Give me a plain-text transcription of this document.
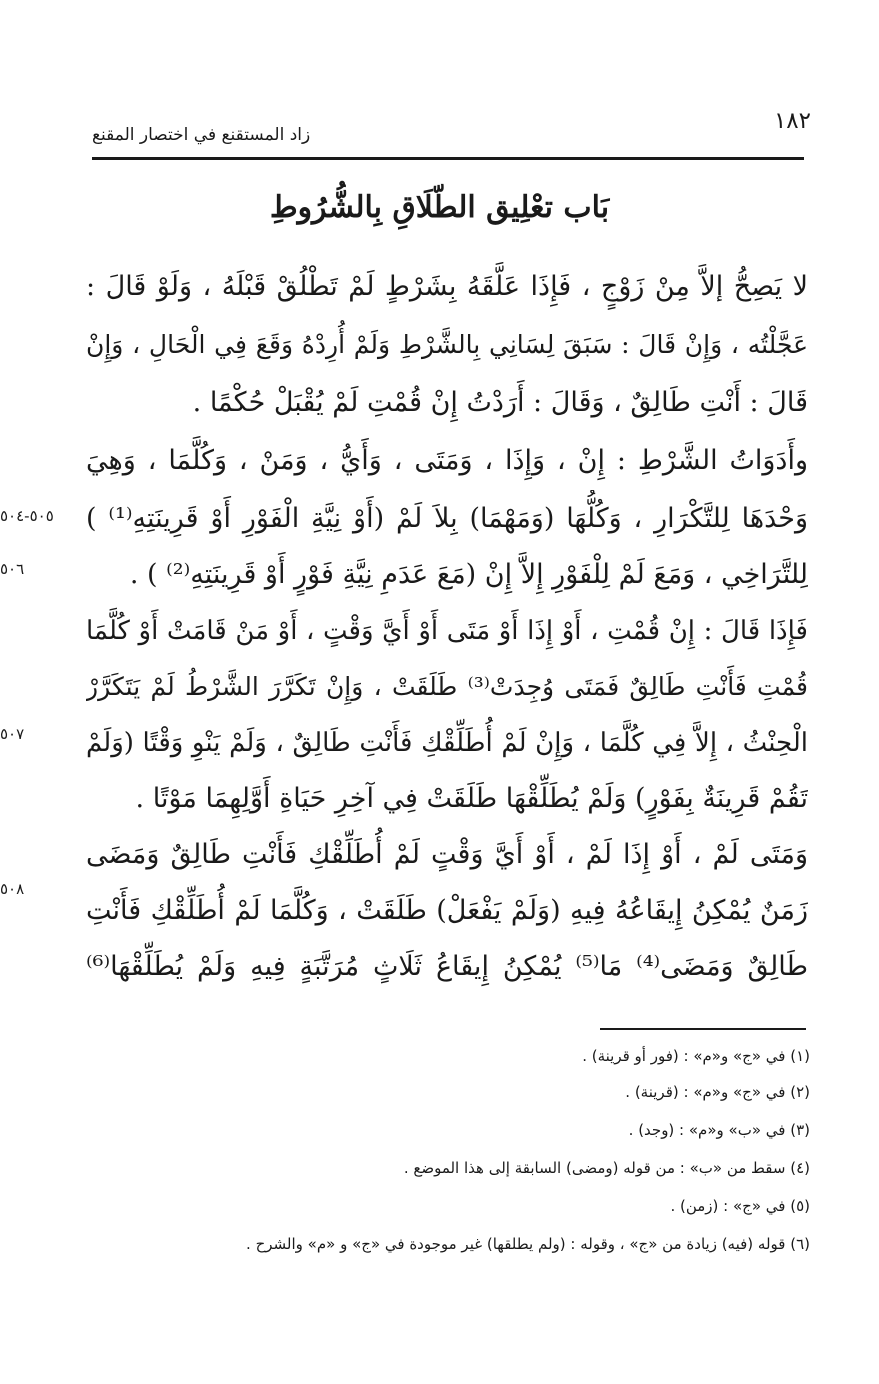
١٨٢
زاد المستقنع في اختصار المقنع
بَاب تعْلِيق الطّلَاقِ بِالشُّرُوطِ
لا يَصِحُّ إلاَّ مِنْ زَوْجٍ ، فَإِذَا عَلَّقَهُ بِشَرْطٍ لَمْ تَطْلُقْ قَبْلَهُ ، وَلَوْ قَالَ :
عَجَّلْتُه ، وَإِنْ قَالَ : سَبَقَ لِسَانِي بِالشَّرْطِ وَلَمْ أُرِدْهُ وَقَعَ فِي الْحَالِ ، وَإِنْ
قَالَ : أَنْتِ طَالِقٌ ، وَقَالَ : أَرَدْتُ إِنْ قُمْتِ لَمْ يُقْبَلْ حُكْمًا .
وأَدَوَاتُ الشَّرْطِ : إِنْ ، وَإِذَا ، وَمَتَى ، وَأَيُّ ، وَمَنْ ، وَكُلَّمَا ، وَهِيَ
وَحْدَهَا لِلتَّكْرَارِ ، وَكُلُّهَا (وَمَهْمَا) بِلاَ لَمْ (أَوْ نِيَّةِ الْفَوْرِ أَوْ قَرِينَتِهِ⁽¹⁾ )
لِلتَّرَاخِي ، وَمَعَ لَمْ لِلْفَوْرِ إِلاَّ إِنْ (مَعَ عَدَمِ نِيَّةِ فَوْرٍ أَوْ قَرِينَتِهِ⁽²⁾ ) .
فَإِذَا قَالَ : إِنْ قُمْتِ ، أَوْ إِذَا أَوْ مَتَى أَوْ أَيَّ وَقْتٍ ، أَوْ مَنْ قَامَتْ أَوْ كُلَّمَا
قُمْتِ فَأَنْتِ طَالِقٌ فَمَتَى وُجِدَتْ⁽³⁾ طَلَقَتْ ، وَإِنْ تَكَرَّرَ الشَّرْطُ لَمْ يَتَكَرَّرْ
الْحِنْثُ ، إِلاَّ فِي كُلَّمَا ، وَإِنْ لَمْ أُطَلِّقْكِ فَأَنْتِ طَالِقٌ ، وَلَمْ يَنْوِ وَقْتًا (وَلَمْ
تَقُمْ قَرِينَةٌ بِفَوْرٍ) وَلَمْ يُطَلِّقْهَا طَلَقَتْ فِي آخِرِ حَيَاةِ أَوَّلِهِمَا مَوْتًا .
وَمَتَى لَمْ ، أَوْ إِذَا لَمْ ، أَوْ أَيَّ وَقْتٍ لَمْ أُطَلِّقْكِ فَأَنْتِ طَالِقٌ وَمَضَى
زَمَنٌ يُمْكِنُ إِيقَاعُهُ فِيهِ (وَلَمْ يَفْعَلْ) طَلَقَتْ ، وَكُلَّمَا لَمْ أُطَلِّقْكِ فَأَنْتِ
طَالِقٌ وَمَضَى⁽⁴⁾ مَا⁽⁵⁾ يُمْكِنُ إِيقَاعُ ثَلَاثٍ مُرَتَّبَةٍ فِيهِ وَلَمْ يُطَلِّقْهَا⁽⁶⁾
٥٠٥-٥٠٤
٥٠٦
٥٠٧
٥٠٨
(١) في «ج» و«م» : (فور أو قرينة) .
(٢) في «ج» و«م» : (قرينة) .
(٣) في «ب» و«م» : (وجد) .
(٤) سقط من «ب» : من قوله (ومضى) السابقة إلى هذا الموضع .
(٥) في «ج» : (زمن) .
(٦) قوله (فيه) زيادة من «ج» ، وقوله : (ولم يطلقها) غير موجودة في «ج» و «م» والشرح .
